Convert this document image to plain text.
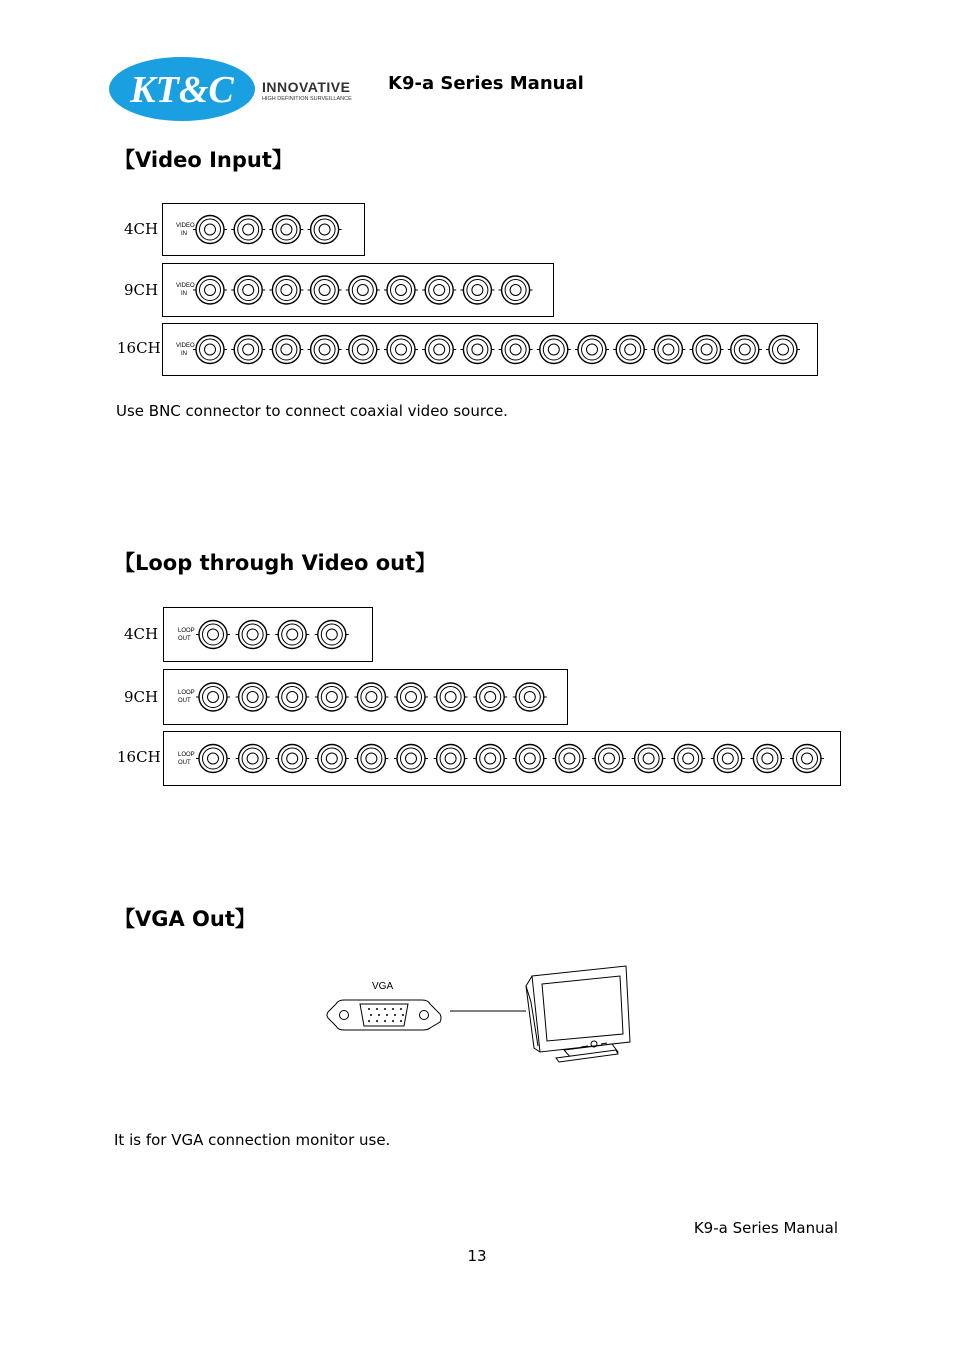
KT&C INNOVATIVE
HIGH DEFINITION SURVEILLANCE
K9-a Series Manual
【Video Input】
4CH	VIDEO
IN
9CH	VIDEO
IN
16CH	VIDEO
IN
Use BNC connector to connect coaxial video source.
【Loop through Video out】
4CH	LOOP
OUT
9CH	LOOP
OUT
16CH	LOOP
OUT
【VGA Out】
VGA
It is for VGA connection monitor use.
K9-a Series Manual
13
